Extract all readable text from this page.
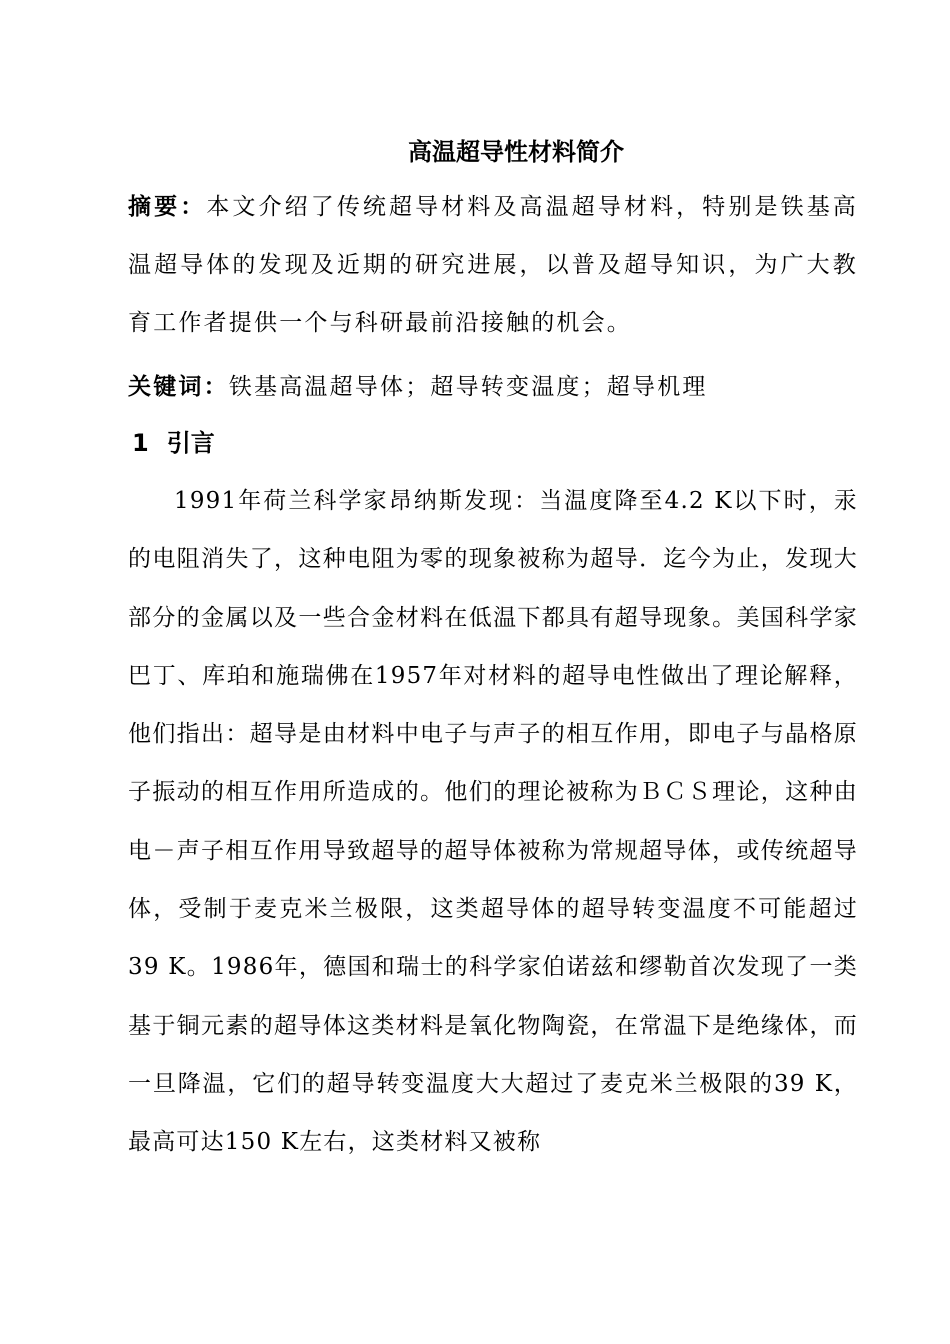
高温超导性材料简介

摘要：本文介绍了传统超导材料及高温超导材料，特别是铁基高温超导体的发现及近期的研究进展，以普及超导知识，为广大教育工作者提供一个与科研最前沿接触的机会。

关键词：铁基高温超导体；超导转变温度；超导机理

1 引言

1991年荷兰科学家昂纳斯发现：当温度降至4.2 K以下时，汞的电阻消失了，这种电阻为零的现象被称为超导．迄今为止，发现大部分的金属以及一些合金材料在低温下都具有超导现象。美国科学家巴丁、库珀和施瑞佛在1957年对材料的超导电性做出了理论解释，他们指出：超导是由材料中电子与声子的相互作用，即电子与晶格原子振动的相互作用所造成的。他们的理论被称为ＢＣＳ理论，这种由电－声子相互作用导致超导的超导体被称为常规超导体，或传统超导体，受制于麦克米兰极限，这类超导体的超导转变温度不可能超过39 K。1986年，德国和瑞士的科学家伯诺兹和缪勒首次发现了一类基于铜元素的超导体这类材料是氧化物陶瓷，在常温下是绝缘体，而一旦降温，它们的超导转变温度大大超过了麦克米兰极限的39 K，最高可达150 K左右，这类材料又被称
